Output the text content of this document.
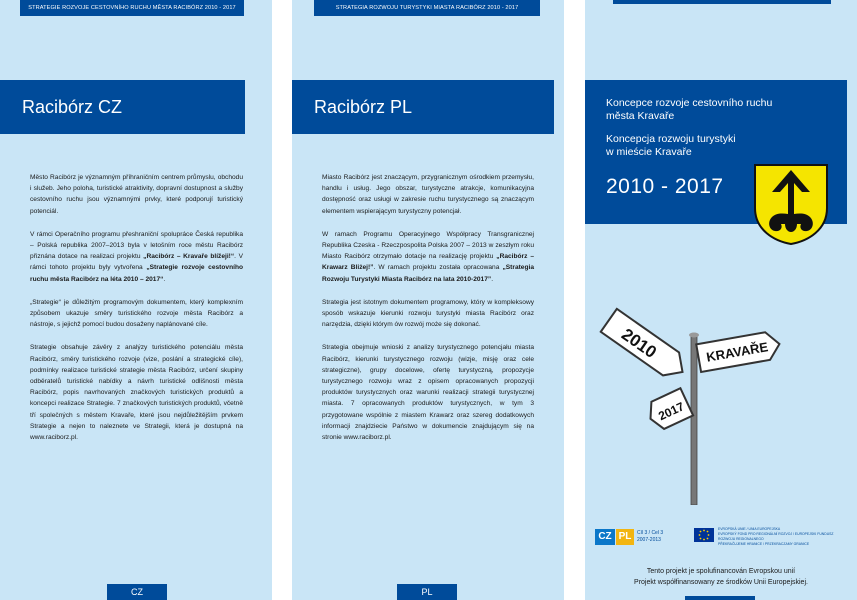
STRATEGIE ROZVOJE CESTOVNÍHO RUCHU MĚSTA RACIBÓRZ 2010 - 2017
Racibórz CZ

Město Racibórz je významným příhraničním centrem průmyslu, obchodu i služeb. Jeho poloha, turistické atraktivity, dopravní dostupnost a služby cestovního ruchu jsou významnými prvky, které podporují turistický potenciál.

V rámci Operačního programu přeshraniční spolupráce Česká republika – Polská republika 2007–2013 byla v letošním roce městu Racibórz přiznána dotace na realizaci projektu „Racibórz – Kravaře blížeji!“. V rámci tohoto projektu byly vytvořena „Strategie rozvoje cestovního ruchu města Racibórz na léta 2010 – 2017“.

„Strategie“ je důležitým programovým dokumentem, který komplexním způsobem ukazuje směry turistického rozvoje města Racibórz a nástroje, s jejichž pomocí budou dosaženy naplánované cíle.

Strategie obsahuje závěry z analýzy turistického potenciálu města Racibórz, směry turistického rozvoje (vize, poslání a strategické cíle), podmínky realizace turistické strategie města Racibórz, určení skupiny odběratelů turistické nabídky a návrh turistické odlišnosti města Racibórz, popis navrhovaných značkových turistických produktů a koncepci realizace Strategie. 7 značkových turistických produktů, včetně tří společných s městem Kravaře, které jsou nejdůležitějším prvkem Strategie a nejen to naleznete ve Strategii, která je dostupná na www.raciborz.pl.

CZ
STRATEGIA ROZWOJU TURYSTYKI MIASTA RACIBÓRZ 2010 - 2017
Racibórz PL

Miasto Racibórz jest znaczącym, przygranicznym ośrodkiem przemysłu, handlu i usług. Jego obszar, turystyczne atrakcje, komunikacyjna dostępność oraz usługi w zakresie ruchu turystycznego są znaczącym elementem wspierającym turystyczny potencjał.

W ramach Programu Operacyjnego Współpracy Transgranicznej Republika Czeska - Rzeczpospolita Polska 2007 – 2013 w zeszłym roku Miasto Racibórz otrzymało dotacje na realizację projektu „Racibórz – Krawarz Bliżej!”. W ramach projektu została opracowana „Strategia Rozwoju Turystyki Miasta Racibórz na lata 2010-2017”.

Strategia jest istotnym dokumentem programowy, który w kompleksowy sposób wskazuje kierunki rozwoju turystyki miasta Racibórz oraz narzędzia, dzięki którym ów rozwój może się dokonać.

Strategia obejmuje wnioski z analizy turystycznego potencjału miasta Racibórz, kierunki turystycznego rozwoju (wizje, misję oraz cele strategiczne), grupy docelowe, ofertę turystyczną, propozycje turystycznego rozwoju wraz z opisem opracowanych propozycji produktów turystycznych oraz warunki realizacji strategii turystycznej miasta. 7 opracowanych produktów turystycznych, w tym 3 przygotowane wspólnie z miastem Krawarz oraz szereg dodatkowych informacji znajdziecie Państwo w dokumencie znajdującym się na stronie www.raciborz.pl.

PL
Koncepce rozvoje cestovního ruchu
města Kravaře
Koncepcja rozwoju turystyki
w mieście Kravaře
2010 - 2017
2010	KRAVAŘE
2017
CZ PL	Cíl 3 / Cel 3
2007-2013
EVROPSKÁ UNIE / UNIA EUROPEJSKA
EVROPSKÝ FOND PRO REGIONÁLNÍ ROZVOJ / EUROPEJSKI FUNDUSZ ROZWOJU REGIONALNEGO
PŘEKRAČUJEME HRANICE / PRZEKRACZAMY GRANICE
Tento projekt je spolufinancován Evropskou unií
Projekt współfinansowany ze środków Unii Europejskiej.
